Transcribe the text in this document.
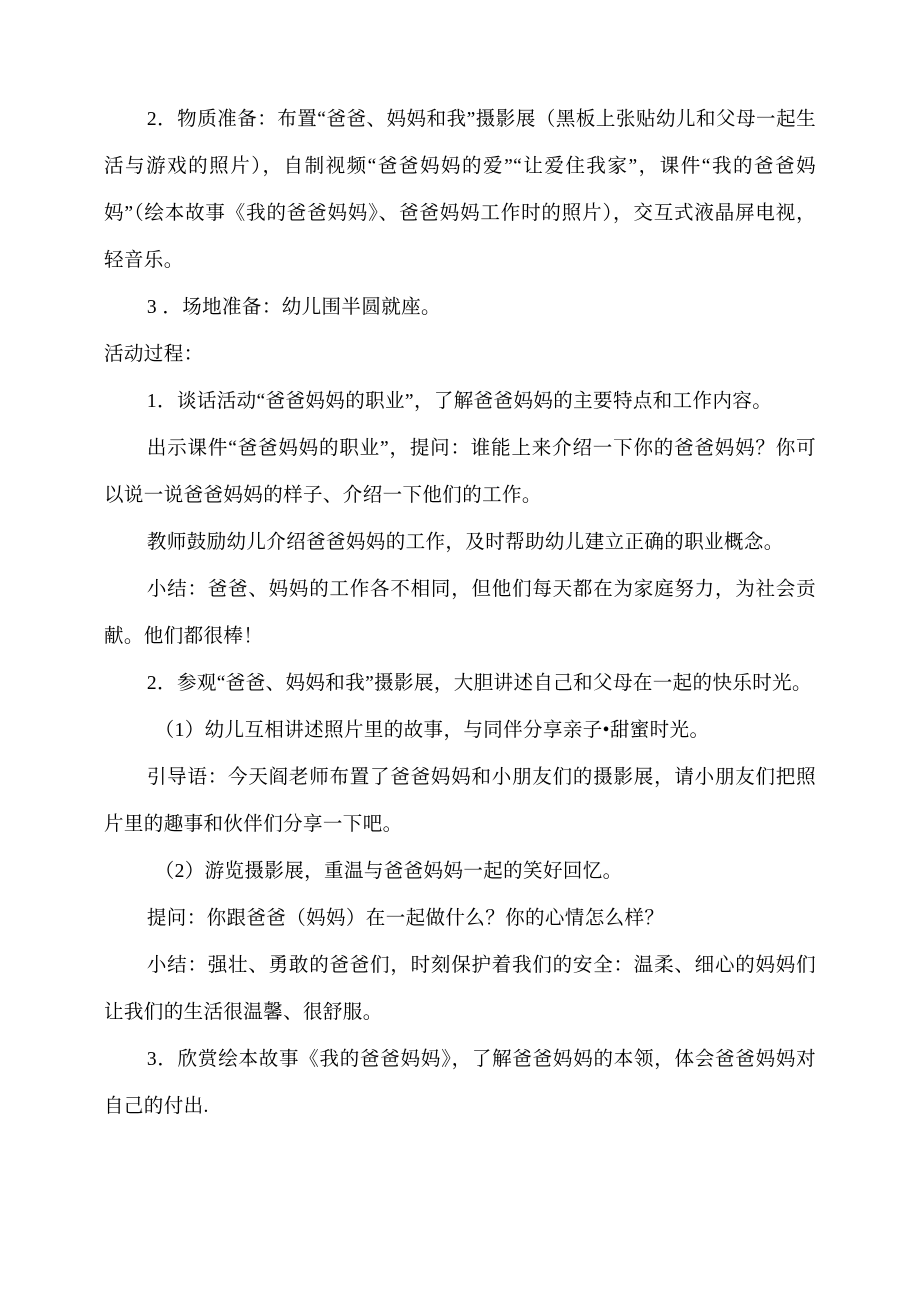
2．物质准备：布置“爸爸、妈妈和我”摄影展（黑板上张贴幼儿和父母一起生活与游戏的照片），自制视频“爸爸妈妈的爱”“让爱住我家”，课件“我的爸爸妈妈”（绘本故事《我的爸爸妈妈》、爸爸妈妈工作时的照片），交互式液晶屏电视，轻音乐。

3 ．场地准备：幼儿围半圆就座。

活动过程：

1．谈话活动“爸爸妈妈的职业”，了解爸爸妈妈的主要特点和工作内容。

出示课件“爸爸妈妈的职业”，提问：谁能上来介绍一下你的爸爸妈妈？你可以说一说爸爸妈妈的样子、介绍一下他们的工作。

教师鼓励幼儿介绍爸爸妈妈的工作，及时帮助幼儿建立正确的职业概念。

小结：爸爸、妈妈的工作各不相同，但他们每天都在为家庭努力，为社会贡献。他们都很棒！

2．参观“爸爸、妈妈和我”摄影展，大胆讲述自己和父母在一起的快乐时光。

（1）幼儿互相讲述照片里的故事，与同伴分享亲子•甜蜜时光。

引导语：今天阎老师布置了爸爸妈妈和小朋友们的摄影展，请小朋友们把照片里的趣事和伙伴们分享一下吧。

（2）游览摄影展，重温与爸爸妈妈一起的笑好回忆。

提问：你跟爸爸（妈妈）在一起做什么？你的心情怎么样？

小结：强壮、勇敢的爸爸们，时刻保护着我们的安全：温柔、细心的妈妈们让我们的生活很温馨、很舒服。

3．欣赏绘本故事《我的爸爸妈妈》，了解爸爸妈妈的本领，体会爸爸妈妈对自己的付出.
